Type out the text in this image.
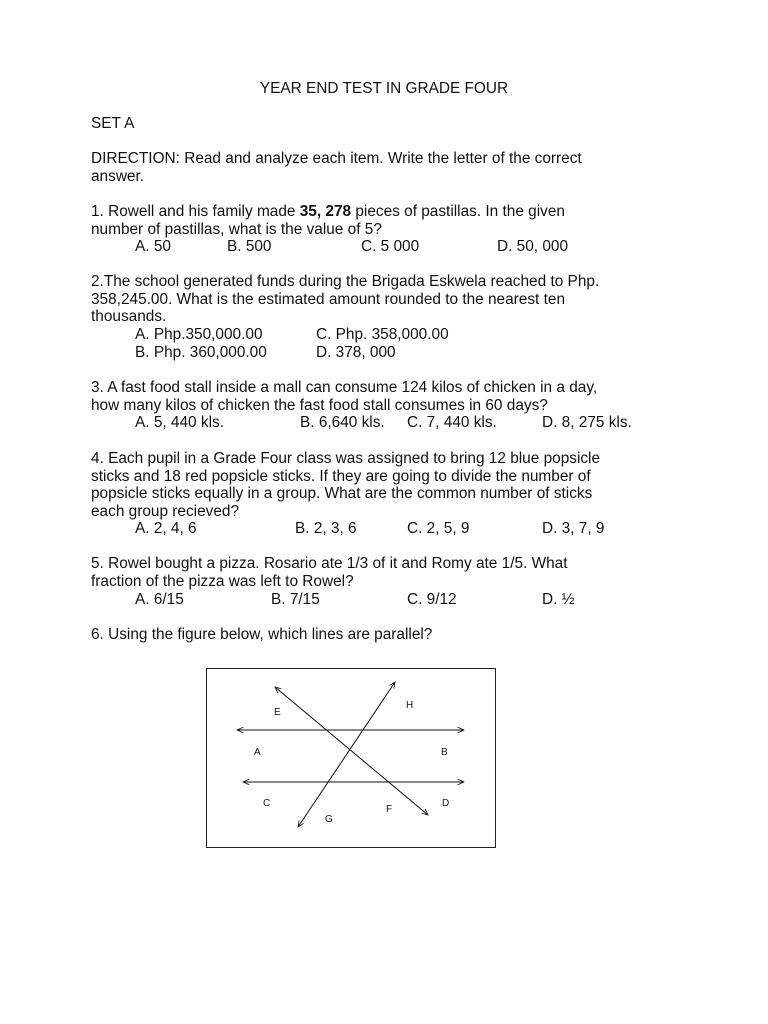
YEAR END TEST IN GRADE FOUR
SET A
DIRECTION: Read and analyze each item. Write the letter of the correct
answer.
1. Rowell and his family made 35, 278 pieces of pastillas. In the given
number of pastillas, what is the value of 5?
A. 50	B. 500	C. 5 000	D. 50, 000
2.The school generated funds during the Brigada Eskwela reached to Php.
358,245.00. What is the estimated amount rounded to the nearest ten
thousands.
A. Php.350,000.00	C. Php. 358,000.00
B. Php. 360,000.00	D. 378, 000
3. A fast food stall inside a mall can consume 124 kilos of chicken in a day,
how many kilos of chicken the fast food stall consumes in 60 days?
A. 5, 440 kls.	B. 6,640 kls. C. 7, 440 kls.	D. 8, 275 kls.
4. Each pupil in a Grade Four class was assigned to bring 12 blue popsicle
sticks and 18 red popsicle sticks. If they are going to divide the number of
popsicle sticks equally in a group. What are the common number of sticks
each group recieved?
A. 2, 4, 6	B. 2, 3, 6	C. 2, 5, 9	D. 3, 7, 9
5. Rowel bought a pizza. Rosario ate 1/3 of it and Romy ate 1/5. What
fraction of the pizza was left to Rowel?
A. 6/15	B. 7/15	C. 9/12	D. ½
6. Using the figure below, which lines are parallel?
E
H
A	B
C
F
D
G
